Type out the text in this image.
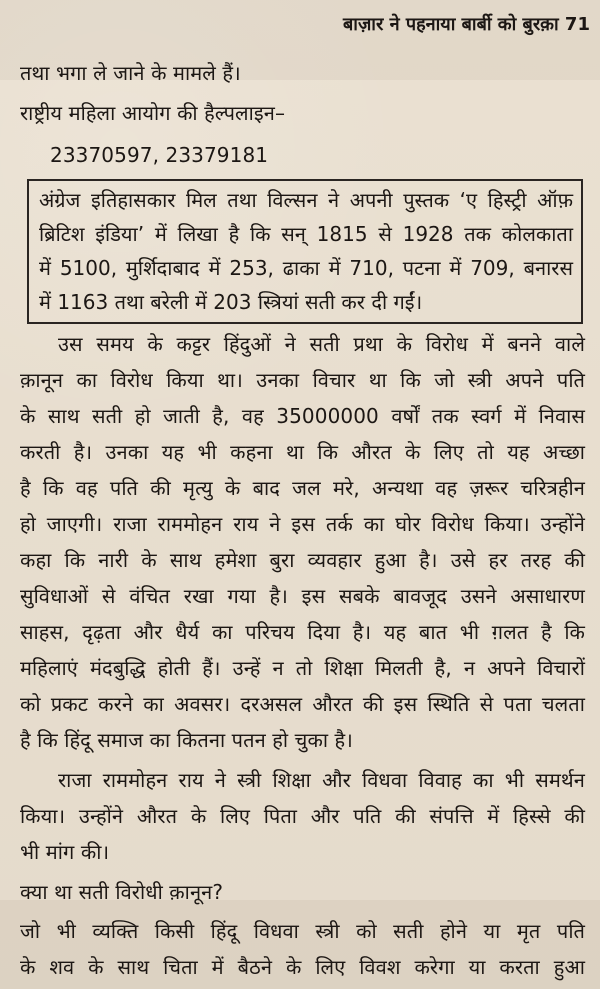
बाज़ार ने पहनाया बार्बी को बुरक़ा 71
तथा भगा ले जाने के मामले हैं।
राष्ट्रीय महिला आयोग की हैल्पलाइन–
23370597, 23379181
अंग्रेज इतिहासकार मिल तथा विल्सन ने अपनी पुस्तक ‘ए हिस्ट्री ऑफ़
ब्रिटिश इंडिया’ में लिखा है कि सन् 1815 से 1928 तक कोलकाता
में 5100, मुर्शिदाबाद में 253, ढाका में 710, पटना में 709, बनारस
में 1163 तथा बरेली में 203 स्त्रियां सती कर दी गईं।
उस समय के कट्टर हिंदुओं ने सती प्रथा के विरोध में बनने वाले
क़ानून का विरोध किया था। उनका विचार था कि जो स्त्री अपने पति
के साथ सती हो जाती है, वह 35000000 वर्षों तक स्वर्ग में निवास
करती है। उनका यह भी कहना था कि औरत के लिए तो यह अच्छा
है कि वह पति की मृत्यु के बाद जल मरे, अन्यथा वह ज़रूर चरित्रहीन
हो जाएगी। राजा राममोहन राय ने इस तर्क का घोर विरोध किया। उन्होंने
कहा कि नारी के साथ हमेशा बुरा व्यवहार हुआ है। उसे हर तरह की
सुविधाओं से वंचित रखा गया है। इस सबके बावजूद उसने असाधारण
साहस, दृढ़ता और धैर्य का परिचय दिया है। यह बात भी ग़लत है कि
महिलाएं मंदबुद्धि होती हैं। उन्हें न तो शिक्षा मिलती है, न अपने विचारों
को प्रकट करने का अवसर। दरअसल औरत की इस स्थिति से पता चलता
है कि हिंदू समाज का कितना पतन हो चुका है।
राजा राममोहन राय ने स्त्री शिक्षा और विधवा विवाह का भी समर्थन
किया। उन्होंने औरत के लिए पिता और पति की संपत्ति में हिस्से की
भी मांग की।
क्या था सती विरोधी क़ानून?
जो भी व्यक्ति किसी हिंदू विधवा स्त्री को सती होने या मृत पति
के शव के साथ चिता में बैठने के लिए विवश करेगा या करता हुआ
